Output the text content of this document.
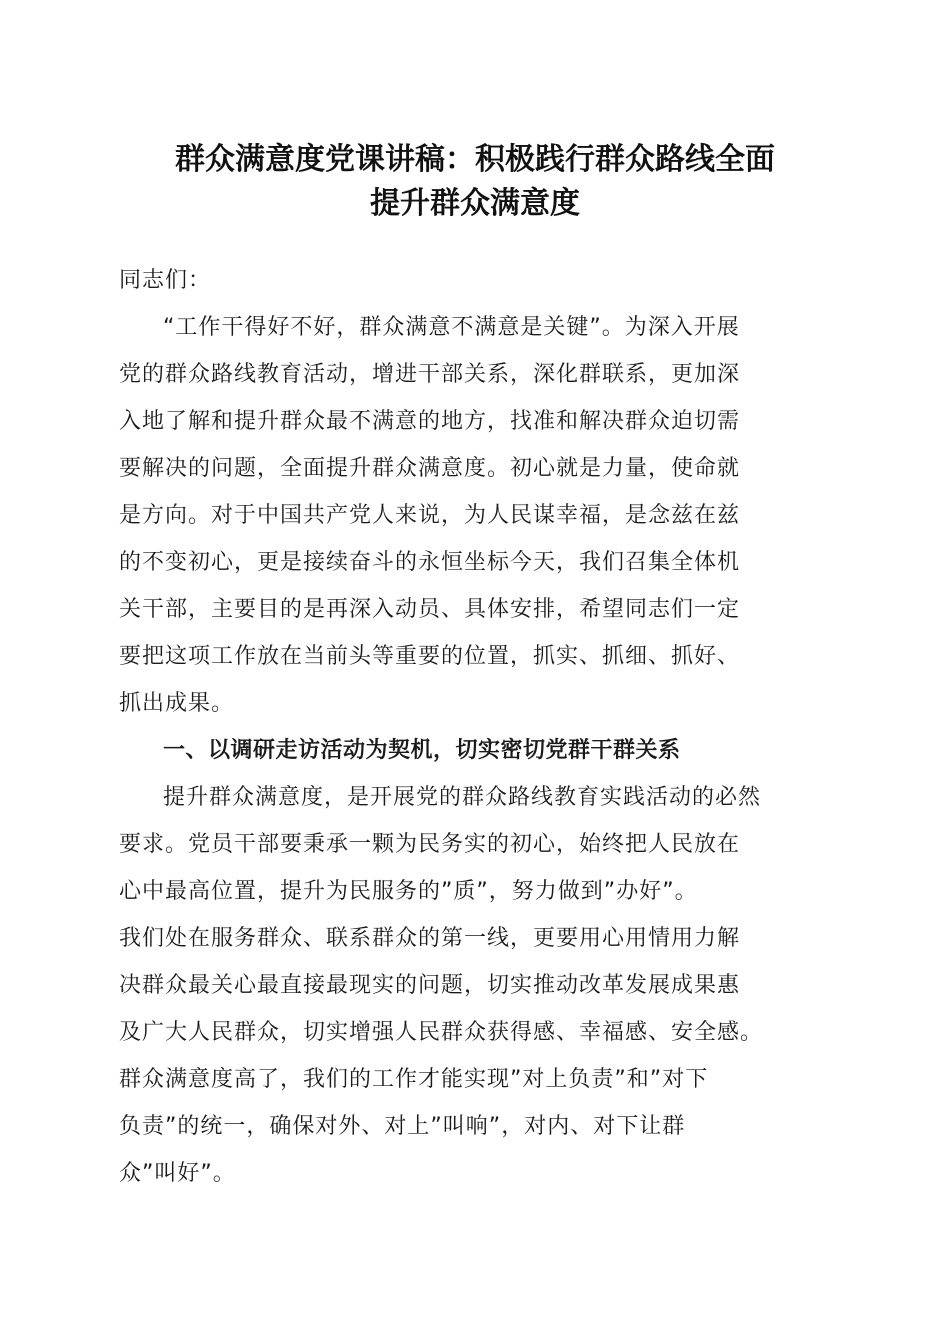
群众满意度党课讲稿：积极践行群众路线全面
提升群众满意度
同志们：
“工作干得好不好，群众满意不满意是关键”。为深入开展
党的群众路线教育活动，增进干部关系，深化群联系，更加深
入地了解和提升群众最不满意的地方，找准和解决群众迫切需
要解决的问题，全面提升群众满意度。初心就是力量，使命就
是方向。对于中国共产党人来说，为人民谋幸福，是念兹在兹
的不变初心，更是接续奋斗的永恒坐标今天，我们召集全体机
关干部，主要目的是再深入动员、具体安排，希望同志们一定
要把这项工作放在当前头等重要的位置，抓实、抓细、抓好、
抓出成果。
一、以调研走访活动为契机，切实密切党群干群关系
提升群众满意度，是开展党的群众路线教育实践活动的必然
要求。党员干部要秉承一颗为民务实的初心，始终把人民放在
心中最高位置，提升为民服务的”质”，努力做到”办好”。
我们处在服务群众、联系群众的第一线，更要用心用情用力解
决群众最关心最直接最现实的问题，切实推动改革发展成果惠
及广大人民群众，切实增强人民群众获得感、幸福感、安全感。
群众满意度高了，我们的工作才能实现”对上负责”和”对下
负责”的统一，确保对外、对上”叫响”，对内、对下让群
众”叫好”。
